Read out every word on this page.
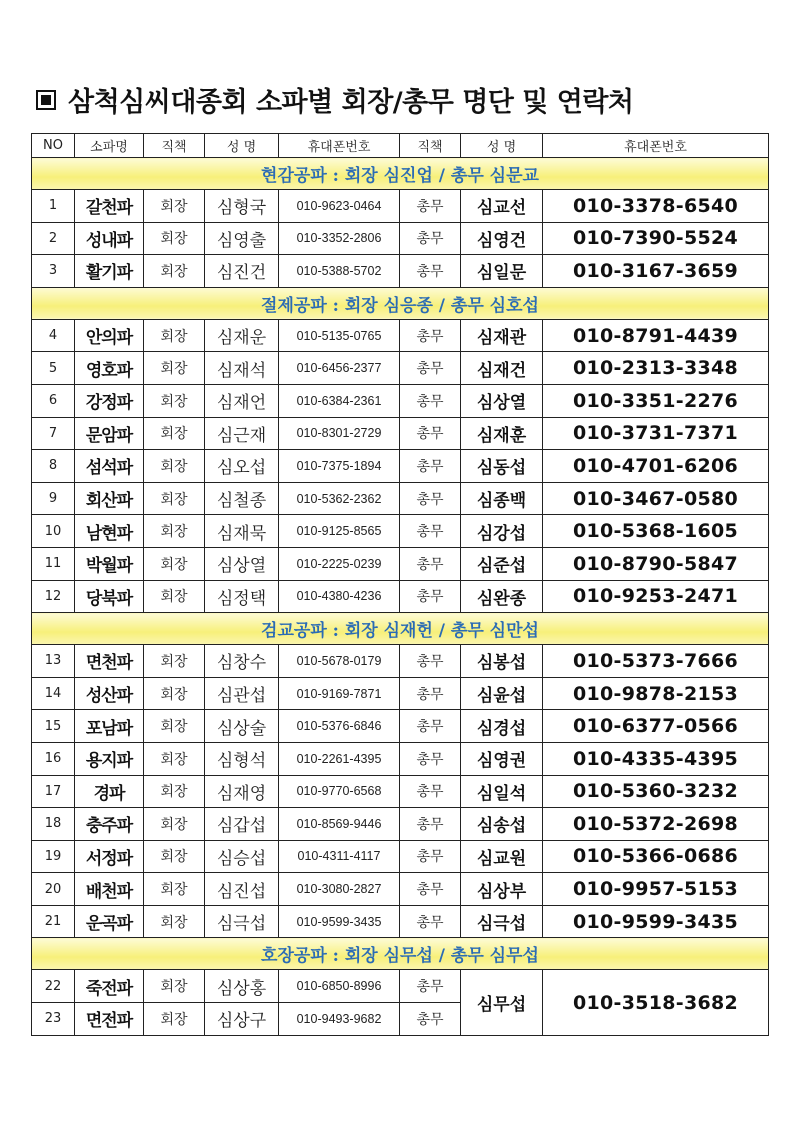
삼척심씨대종회 소파별 회장/총무 명단 및 연락처
NO	소파명	직책	성 명	휴대폰번호	직책	성 명	휴대폰번호
현감공파 : 회장 심진업 / 총무 심문교							
1	갈천파	회장	심형국	010-9623-0464	총무	심교선	010-3378-6540
2	성내파	회장	심영출	010-3352-2806	총무	심영건	010-7390-5524
3	활기파	회장	심진건	010-5388-5702	총무	심일문	010-3167-3659
절제공파 : 회장 심응종 / 총무 심호섭							
4	안의파	회장	심재운	010-5135-0765	총무	심재관	010-8791-4439
5	영호파	회장	심재석	010-6456-2377	총무	심재건	010-2313-3348
6	강정파	회장	심재언	010-6384-2361	총무	심상열	010-3351-2276
7	문암파	회장	심근재	010-8301-2729	총무	심재훈	010-3731-7371
8	섬석파	회장	심오섭	010-7375-1894	총무	심동섭	010-4701-6206
9	회산파	회장	심철종	010-5362-2362	총무	심종백	010-3467-0580
10	남현파	회장	심재묵	010-9125-8565	총무	심강섭	010-5368-1605
11	박월파	회장	심상열	010-2225-0239	총무	심준섭	010-8790-5847
12	당북파	회장	심정택	010-4380-4236	총무	심완종	010-9253-2471
검교공파 : 회장 심재헌 / 총무 심만섭							
13	면천파	회장	심창수	010-5678-0179	총무	심봉섭	010-5373-7666
14	성산파	회장	심관섭	010-9169-7871	총무	심윤섭	010-9878-2153
15	포남파	회장	심상술	010-5376-6846	총무	심경섭	010-6377-0566
16	용지파	회장	심형석	010-2261-4395	총무	심영권	010-4335-4395
17	경파	회장	심재영	010-9770-6568	총무	심일석	010-5360-3232
18	충주파	회장	심갑섭	010-8569-9446	총무	심송섭	010-5372-2698
19	서정파	회장	심승섭	010-4311-4117	총무	심교원	010-5366-0686
20	배천파	회장	심진섭	010-3080-2827	총무	심상부	010-9957-5153
21	운곡파	회장	심극섭	010-9599-3435	총무	심극섭	010-9599-3435
호장공파 : 회장 심무섭 / 총무 심무섭							
22	죽전파	회장	심상홍	010-6850-8996	총무	심무섭	010-3518-3682
23	면전파	회장	심상구	010-9493-9682	총무		
